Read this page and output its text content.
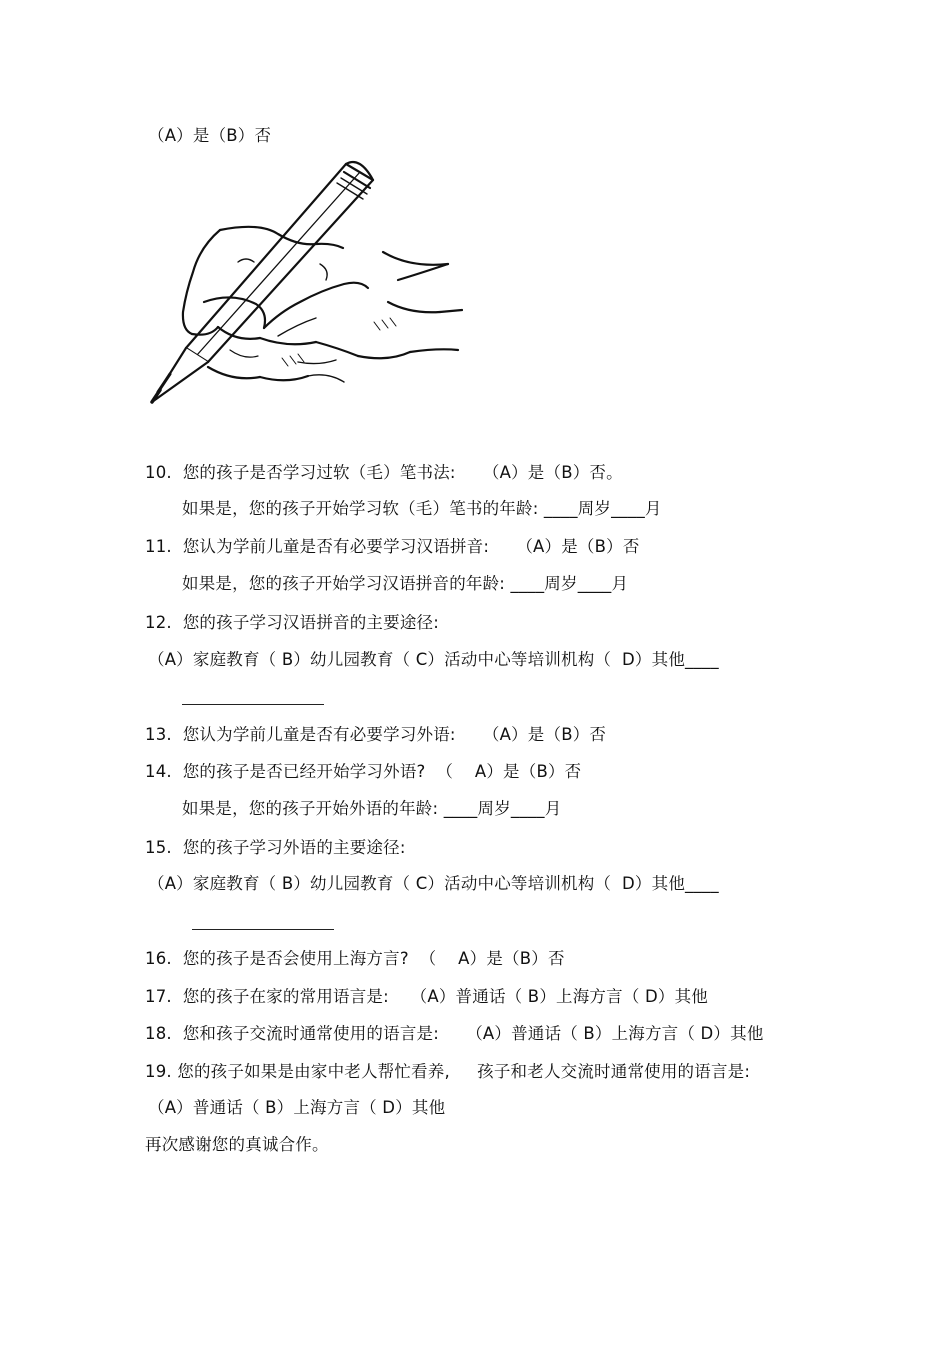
（A）是（B）否
10.  您的孩子是否学习过软（毛）笔书法:     （A）是（B）否。
如果是，您的孩子开始学习软（毛）笔书的年龄: ____周岁____月
11.  您认为学前儿童是否有必要学习汉语拼音:     （A）是（B）否
如果是，您的孩子开始学习汉语拼音的年龄: ____周岁____月
12.  您的孩子学习汉语拼音的主要途径:
（A）家庭教育（ B）幼儿园教育（ C）活动中心等培训机构（  D）其他____
13.  您认为学前儿童是否有必要学习外语:     （A）是（B）否
14.  您的孩子是否已经开始学习外语?  （    A）是（B）否
如果是，您的孩子开始外语的年龄: ____周岁____月
15.  您的孩子学习外语的主要途径:
（A）家庭教育（ B）幼儿园教育（ C）活动中心等培训机构（  D）其他____
16.  您的孩子是否会使用上海方言?  （    A）是（B）否
17.  您的孩子在家的常用语言是:    （A）普通话（ B）上海方言（ D）其他
18.  您和孩子交流时通常使用的语言是:     （A）普通话（ B）上海方言（ D）其他
19. 您的孩子如果是由家中老人帮忙看养,     孩子和老人交流时通常使用的语言是:
（A）普通话（ B）上海方言（ D）其他
再次感谢您的真诚合作。
